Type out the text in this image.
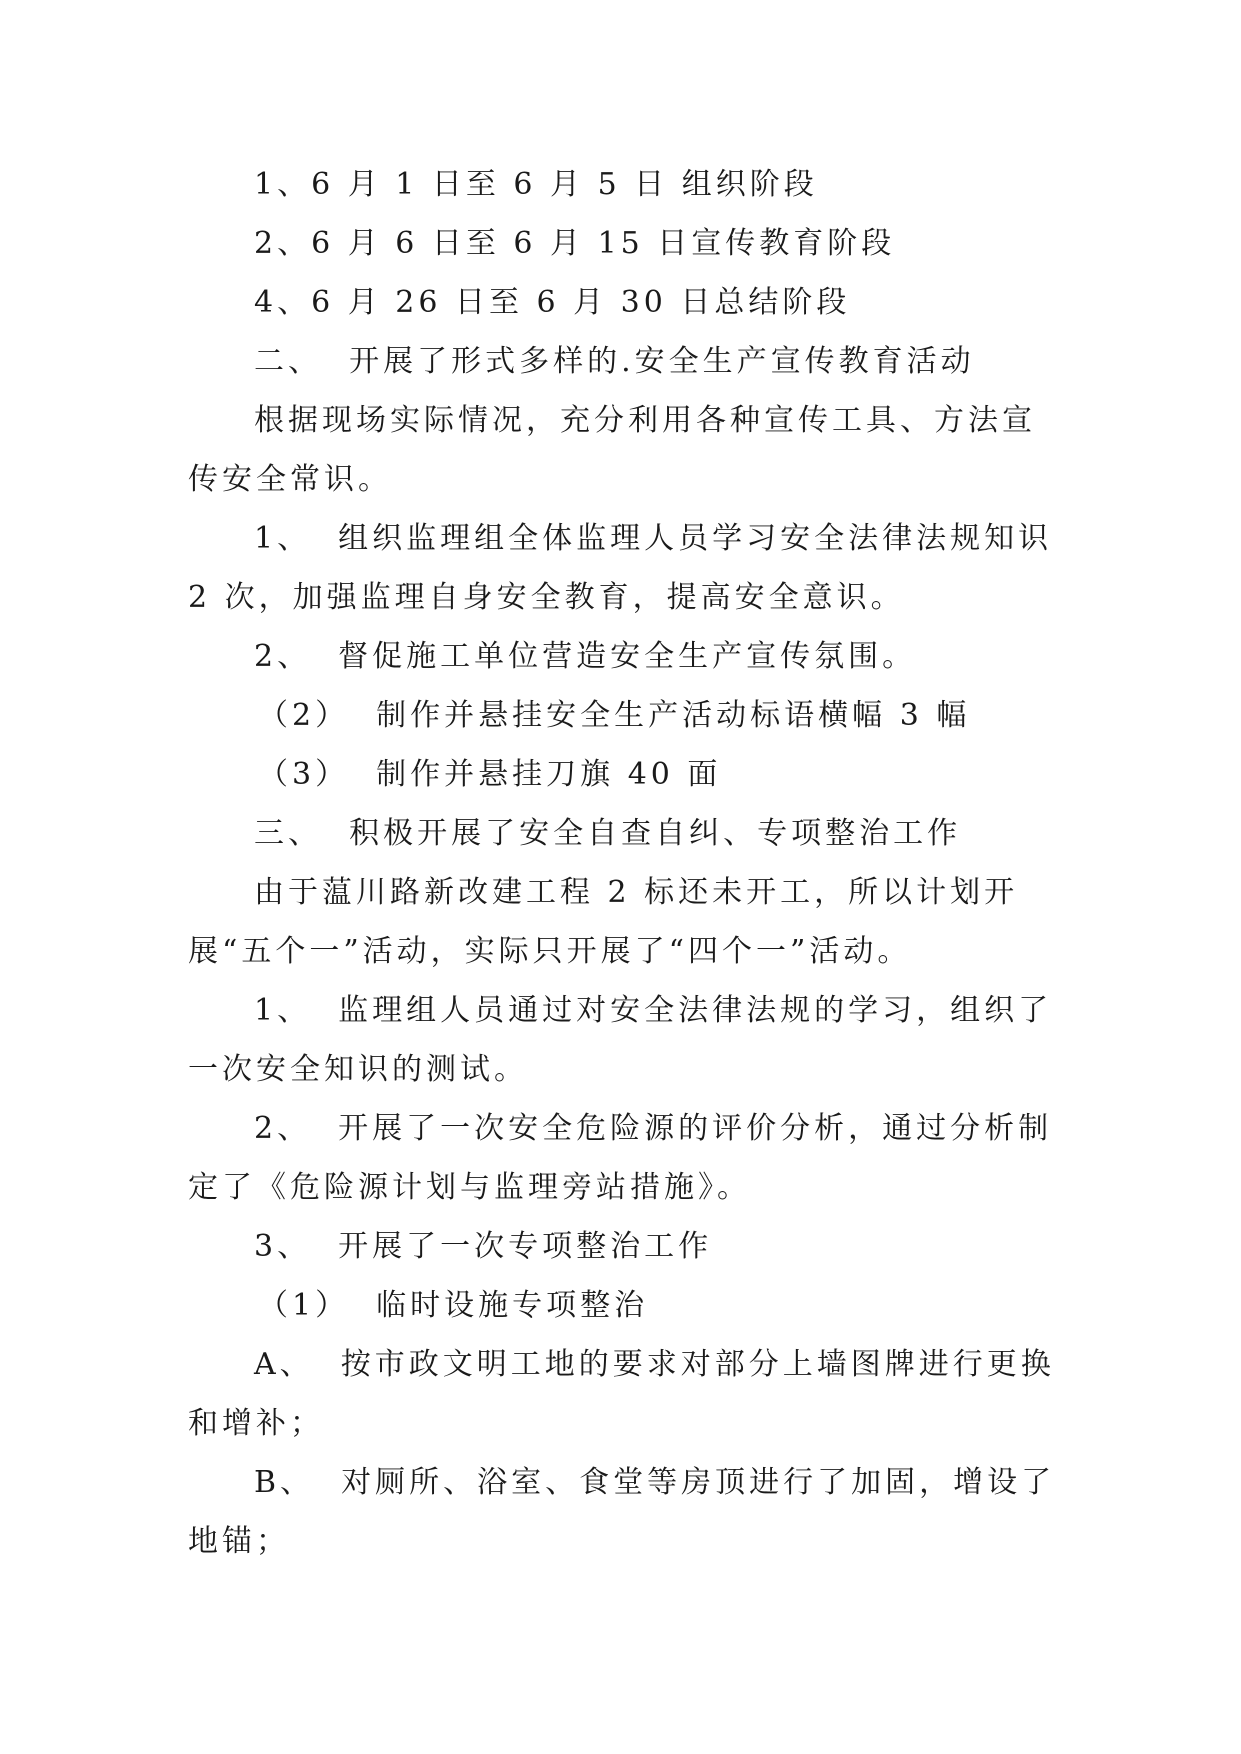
1、6 月 1 日至 6 月 5 日 组织阶段

2、6 月 6 日至 6 月 15 日宣传教育阶段

4、6 月 26 日至 6 月 30 日总结阶段

二、  开展了形式多样的.安全生产宣传教育活动

根据现场实际情况，充分利用各种宣传工具、方法宣传安全常识。

1、  组织监理组全体监理人员学习安全法律法规知识 2 次，加强监理自身安全教育，提高安全意识。

2、  督促施工单位营造安全生产宣传氛围。

（2）  制作并悬挂安全生产活动标语横幅 3 幅

（3）  制作并悬挂刀旗 40 面

三、  积极开展了安全自查自纠、专项整治工作

由于蕰川路新改建工程 2 标还未开工，所以计划开展“五个一”活动，实际只开展了“四个一”活动。

1、  监理组人员通过对安全法律法规的学习，组织了一次安全知识的测试。

2、  开展了一次安全危险源的评价分析，通过分析制定了《危险源计划与监理旁站措施》。

3、  开展了一次专项整治工作

（1）  临时设施专项整治

A、  按市政文明工地的要求对部分上墙图牌进行更换和增补；

B、  对厕所、浴室、食堂等房顶进行了加固，增设了地锚；
